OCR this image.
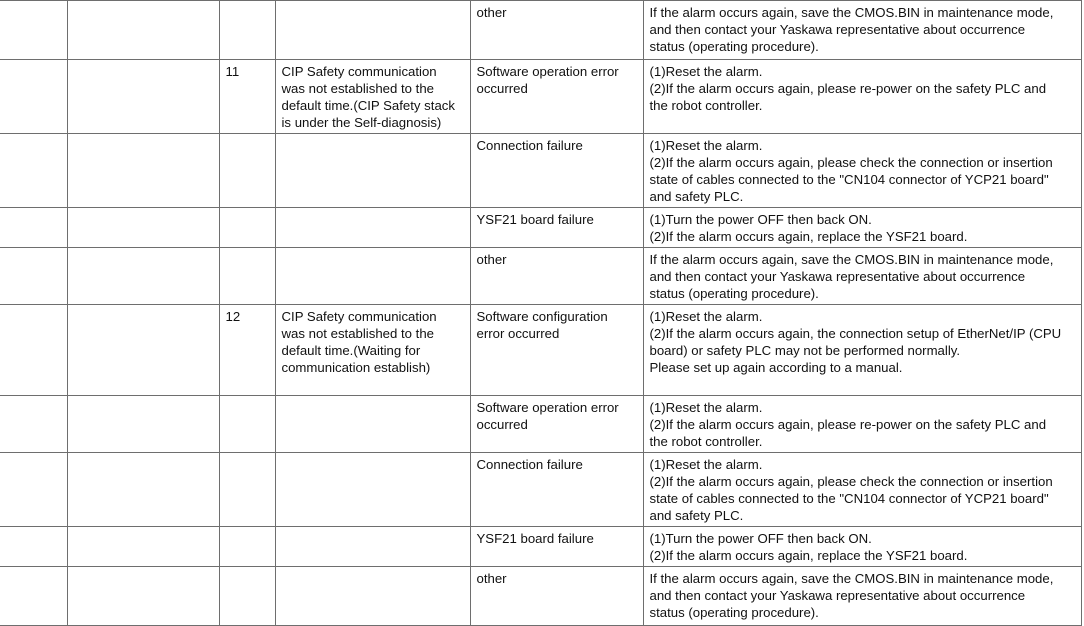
				other	If the alarm occurs again, save the CMOS.BIN in maintenance mode,
and then contact your Yaskawa representative about occurrence
status (operating procedure).

		11	CIP Safety communication
was not established to the
default time.(CIP Safety stack
is under the Self-diagnosis)	Software operation error
occurred	(1)Reset the alarm.
(2)If the alarm occurs again, please re-power on the safety PLC and
the robot controller.

				Connection failure	(1)Reset the alarm.
(2)If the alarm occurs again, please check the connection or insertion
state of cables connected to the "CN104 connector of YCP21 board"
and safety PLC.

				YSF21 board failure	(1)Turn the power OFF then back ON.
(2)If the alarm occurs again, replace the YSF21 board.

				other	If the alarm occurs again, save the CMOS.BIN in maintenance mode,
and then contact your Yaskawa representative about occurrence
status (operating procedure).

		12	CIP Safety communication
was not established to the
default time.(Waiting for
communication establish)	Software configuration
error occurred	(1)Reset the alarm.
(2)If the alarm occurs again, the connection setup of EtherNet/IP (CPU
board) or safety PLC may not be performed normally.
Please set up again according to a manual.

				Software operation error
occurred	(1)Reset the alarm.
(2)If the alarm occurs again, please re-power on the safety PLC and
the robot controller.

				Connection failure	(1)Reset the alarm.
(2)If the alarm occurs again, please check the connection or insertion
state of cables connected to the "CN104 connector of YCP21 board"
and safety PLC.

				YSF21 board failure	(1)Turn the power OFF then back ON.
(2)If the alarm occurs again, replace the YSF21 board.

				other	If the alarm occurs again, save the CMOS.BIN in maintenance mode,
and then contact your Yaskawa representative about occurrence
status (operating procedure).
